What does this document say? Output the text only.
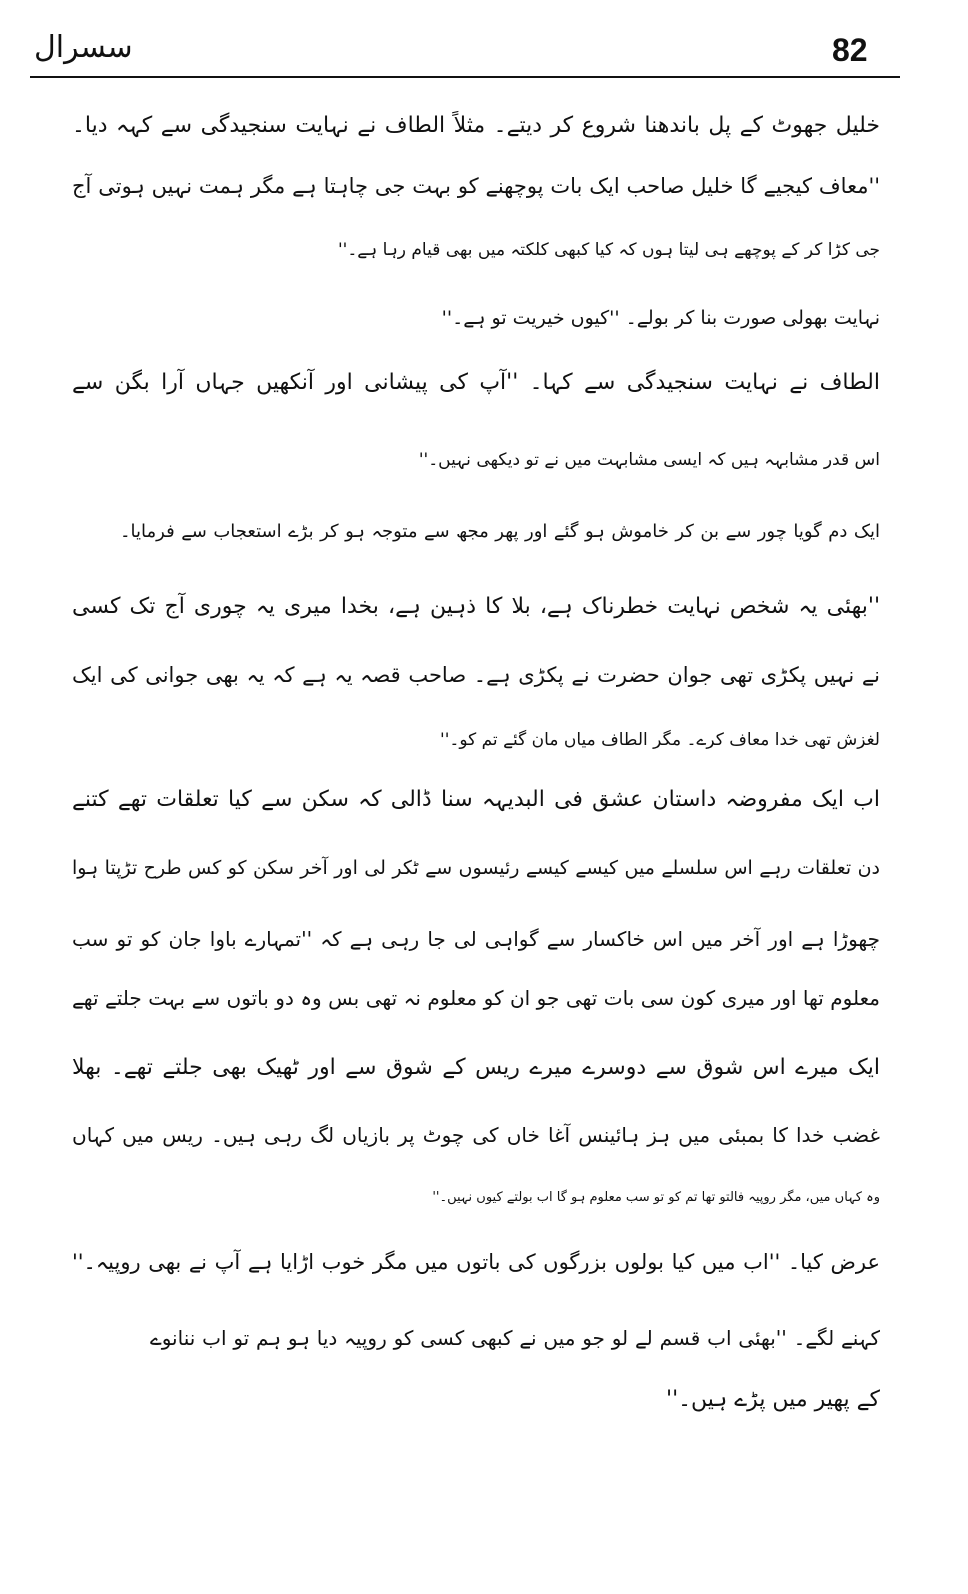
82
سسرال
خلیل جھوٹ کے پل باندھنا شروع کر دیتے۔ مثلاً الطاف نے نہایت سنجیدگی سے کہہ دیا۔
''معاف کیجیے گا خلیل صاحب ایک بات پوچھنے کو بہت جی چاہتا ہے مگر ہمت نہیں ہوتی آج
جی کڑا کر کے پوچھے ہی لیتا ہوں کہ کیا کبھی کلکتہ میں بھی قیام رہا ہے۔''
نہایت بھولی صورت بنا کر بولے۔ ''کیوں خیریت تو ہے۔''
الطاف نے نہایت سنجیدگی سے کہا۔ ''آپ کی پیشانی اور آنکھیں جہاں آرا بگن سے
اس قدر مشابہہ ہیں کہ ایسی مشابہت میں نے تو دیکھی نہیں۔''
ایک دم گویا چور سے بن کر خاموش ہو گئے اور پھر مجھ سے متوجہ ہو کر بڑے استعجاب سے فرمایا۔
''بھئی یہ شخص نہایت خطرناک ہے، بلا کا ذہین ہے، بخدا میری یہ چوری آج تک کسی
نے نہیں پکڑی تھی جوان حضرت نے پکڑی ہے۔ صاحب قصہ یہ ہے کہ یہ بھی جوانی کی ایک
لغزش تھی خدا معاف کرے۔ مگر الطاف میاں مان گئے تم کو۔''
اب ایک مفروضہ داستان عشق فی البدیہہ سنا ڈالی کہ سکن سے کیا تعلقات تھے کتنے
دن تعلقات رہے اس سلسلے میں کیسے کیسے رئیسوں سے ٹکر لی اور آخر سکن کو کس طرح تڑپتا ہوا
چھوڑا ہے اور آخر میں اس خاکسار سے گواہی لی جا رہی ہے کہ ''تمہارے باوا جان کو تو سب
معلوم تھا اور میری کون سی بات تھی جو ان کو معلوم نہ تھی بس وہ دو باتوں سے بہت جلتے تھے
ایک میرے اس شوق سے دوسرے میرے ریس کے شوق سے اور ٹھیک بھی جلتے تھے۔ بھلا
غضب خدا کا بمبئی میں ہز ہائینس آغا خاں کی چوٹ پر بازیاں لگ رہی ہیں۔ ریس میں کہاں
وہ کہاں میں، مگر روپیہ فالتو تھا تم کو تو سب معلوم ہو گا اب بولتے کیوں نہیں۔''
عرض کیا۔ ''اب میں کیا بولوں بزرگوں کی باتوں میں مگر خوب اڑایا ہے آپ نے بھی روپیہ۔''
کہنے لگے۔ ''بھئی اب قسم لے لو جو میں نے کبھی کسی کو روپیہ دیا ہو ہم تو اب ننانوے
کے پھیر میں پڑے ہیں۔''
